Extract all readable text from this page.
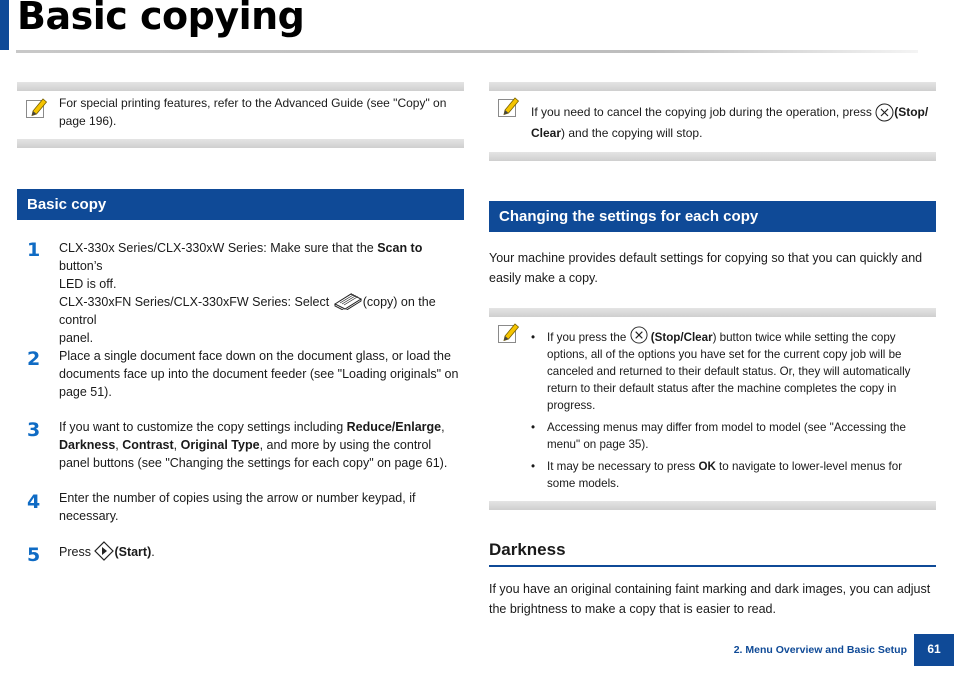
Basic copying
For special printing features, refer to the Advanced Guide (see "Copy" on
page 196).
If you need to cancel the copying job during the operation, press (Stop/
Clear) and the copying will stop.
Basic copy
1 CLX-330x Series/CLX-330xW Series: Make sure that the Scan to button’s
LED is off.
CLX-330xFN Series/CLX-330xFW Series: Select (copy) on the control
panel.
2 Place a single document face down on the document glass, or load the
documents face up into the document feeder (see "Loading originals" on
page 51).
3 If you want to customize the copy settings including Reduce/Enlarge,
Darkness, Contrast, Original Type, and more by using the control
panel buttons (see "Changing the settings for each copy" on page 61).
4 Enter the number of copies using the arrow or number keypad, if
necessary.
5 Press (Start).
Changing the settings for each copy
Your machine provides default settings for copying so that you can quickly and
easily make a copy.
• If you press the  (Stop/Clear) button twice while setting the copy
options, all of the options you have set for the current copy job will be
canceled and returned to their default status. Or, they will automatically
return to their default status after the machine completes the copy in
progress.
• Accessing menus may differ from model to model (see "Accessing the
menu" on page 35).
• It may be necessary to press OK to navigate to lower-level menus for
some models.
Darkness
If you have an original containing faint marking and dark images, you can adjust
the brightness to make a copy that is easier to read.
2. Menu Overview and Basic Setup	61
